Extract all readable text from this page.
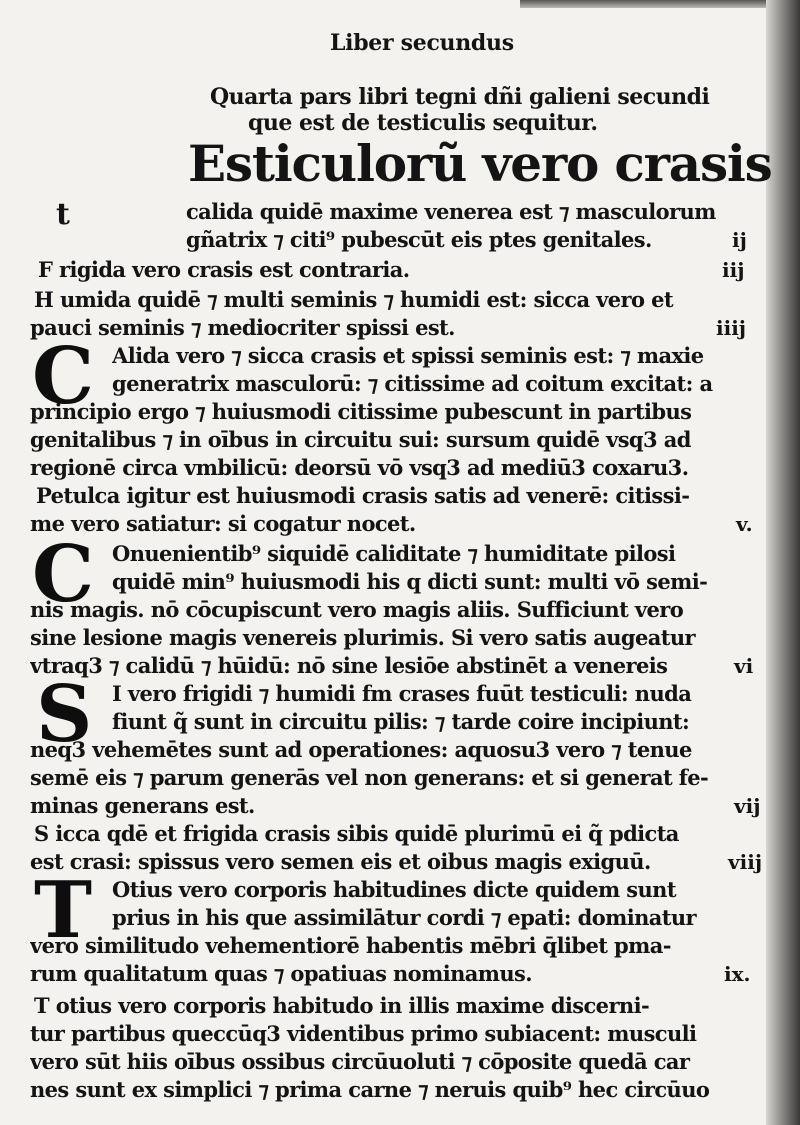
Liber secundus
Quarta pars libri tegni dñi galieni secundi
que est de testiculis sequitur.
Esticulorũ vero crasis
t	calida quidē maxime venerea est ⁊ masculorum
gñatrix ⁊ citi⁹ pubescūt eis ptes genitales.	ij
F rigida vero crasis est contraria.	iij
H umida quidē ⁊ multi seminis ⁊ humidi est: sicca vero et
pauci seminis ⁊ mediocriter spissi est.	iiij
C Alida vero ⁊ sicca crasis et spissi seminis est: ⁊ maxie
generatrix masculorū: ⁊ citissime ad coitum excitat: a
principio ergo ⁊ huiusmodi citissime pubescunt in partibus
genitalibus ⁊ in oībus in circuitu sui: sursum quidē vsq3 ad
regionē circa vmbilicū: deorsū vō vsq3 ad mediū3 coxaru3.
Petulca igitur est huiusmodi crasis satis ad venerē: citissi-
me vero satiatur: si cogatur nocet.	v.
C Onuenientib⁹ siquidē caliditate ⁊ humiditate pilosi
quidē min⁹ huiusmodi his q dicti sunt: multi vō semi-
nis magis. nō cōcupiscunt vero magis aliis. Sufficiunt vero
sine lesione magis venereis plurimis. Si vero satis augeatur
vtraq3 ⁊ calidū ⁊ hūidū: nō sine lesiōe abstinēt a venereis	vi
S I vero frigidi ⁊ humidi fm crases fuūt testiculi: nuda
fiunt q̃ sunt in circuitu pilis: ⁊ tarde coire incipiunt:
neq3 vehemētes sunt ad operationes: aquosu3 vero ⁊ tenue
semē eis ⁊ parum generās vel non generans: et si generat fe-
minas generans est.	vij
S icca qdē et frigida crasis sibis quidē plurimū ei q̃ pdicta
est crasi: spissus vero semen eis et oibus magis exiguū.	viij
T Otius vero corporis habitudines dicte quidem sunt
prius in his que assimilātur cordi ⁊ epati: dominatur
vero similitudo vehementiorē habentis mēbri q̄libet pma-
rum qualitatum quas ⁊ opatiuas nominamus.	ix.
T otius vero corporis habitudo in illis maxime discerni-
tur partibus queccūq3 videntibus primo subiacent: musculi
vero sūt hiis oībus ossibus circūuoluti ⁊ cōposite quedā car
nes sunt ex simplici ⁊ prima carne ⁊ neruis quib⁹ hec circūuo
